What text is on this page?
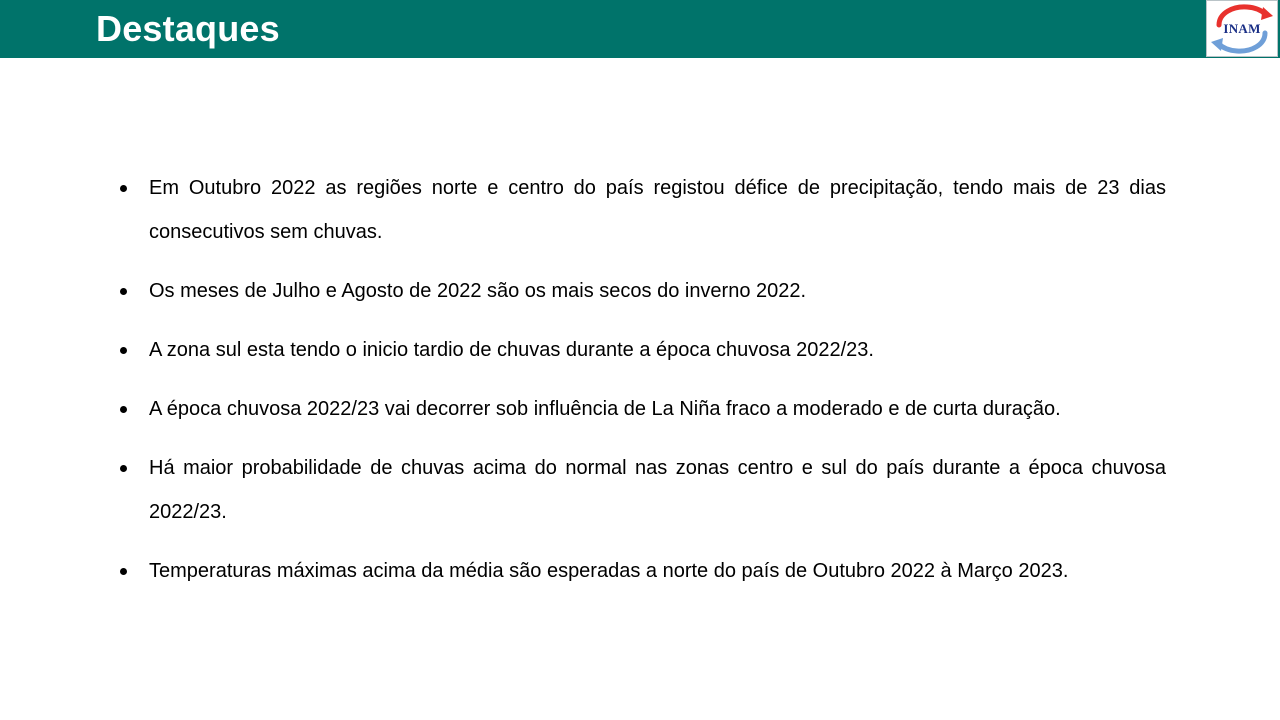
Destaques	INAM
Em Outubro 2022 as regiões norte e centro do país registou défice de precipitação, tendo mais de 23 dias consecutivos sem chuvas.
Os meses de Julho e Agosto de 2022 são os mais secos do inverno 2022.
A zona sul esta tendo o inicio tardio de chuvas durante a época chuvosa 2022/23.
A época chuvosa 2022/23 vai decorrer sob influência de La Niña fraco a moderado e de curta duração.
Há maior probabilidade de chuvas acima do normal nas zonas centro e sul do país durante a época chuvosa 2022/23.
Temperaturas máximas acima da média são esperadas a norte do país de Outubro 2022 à Março 2023.
